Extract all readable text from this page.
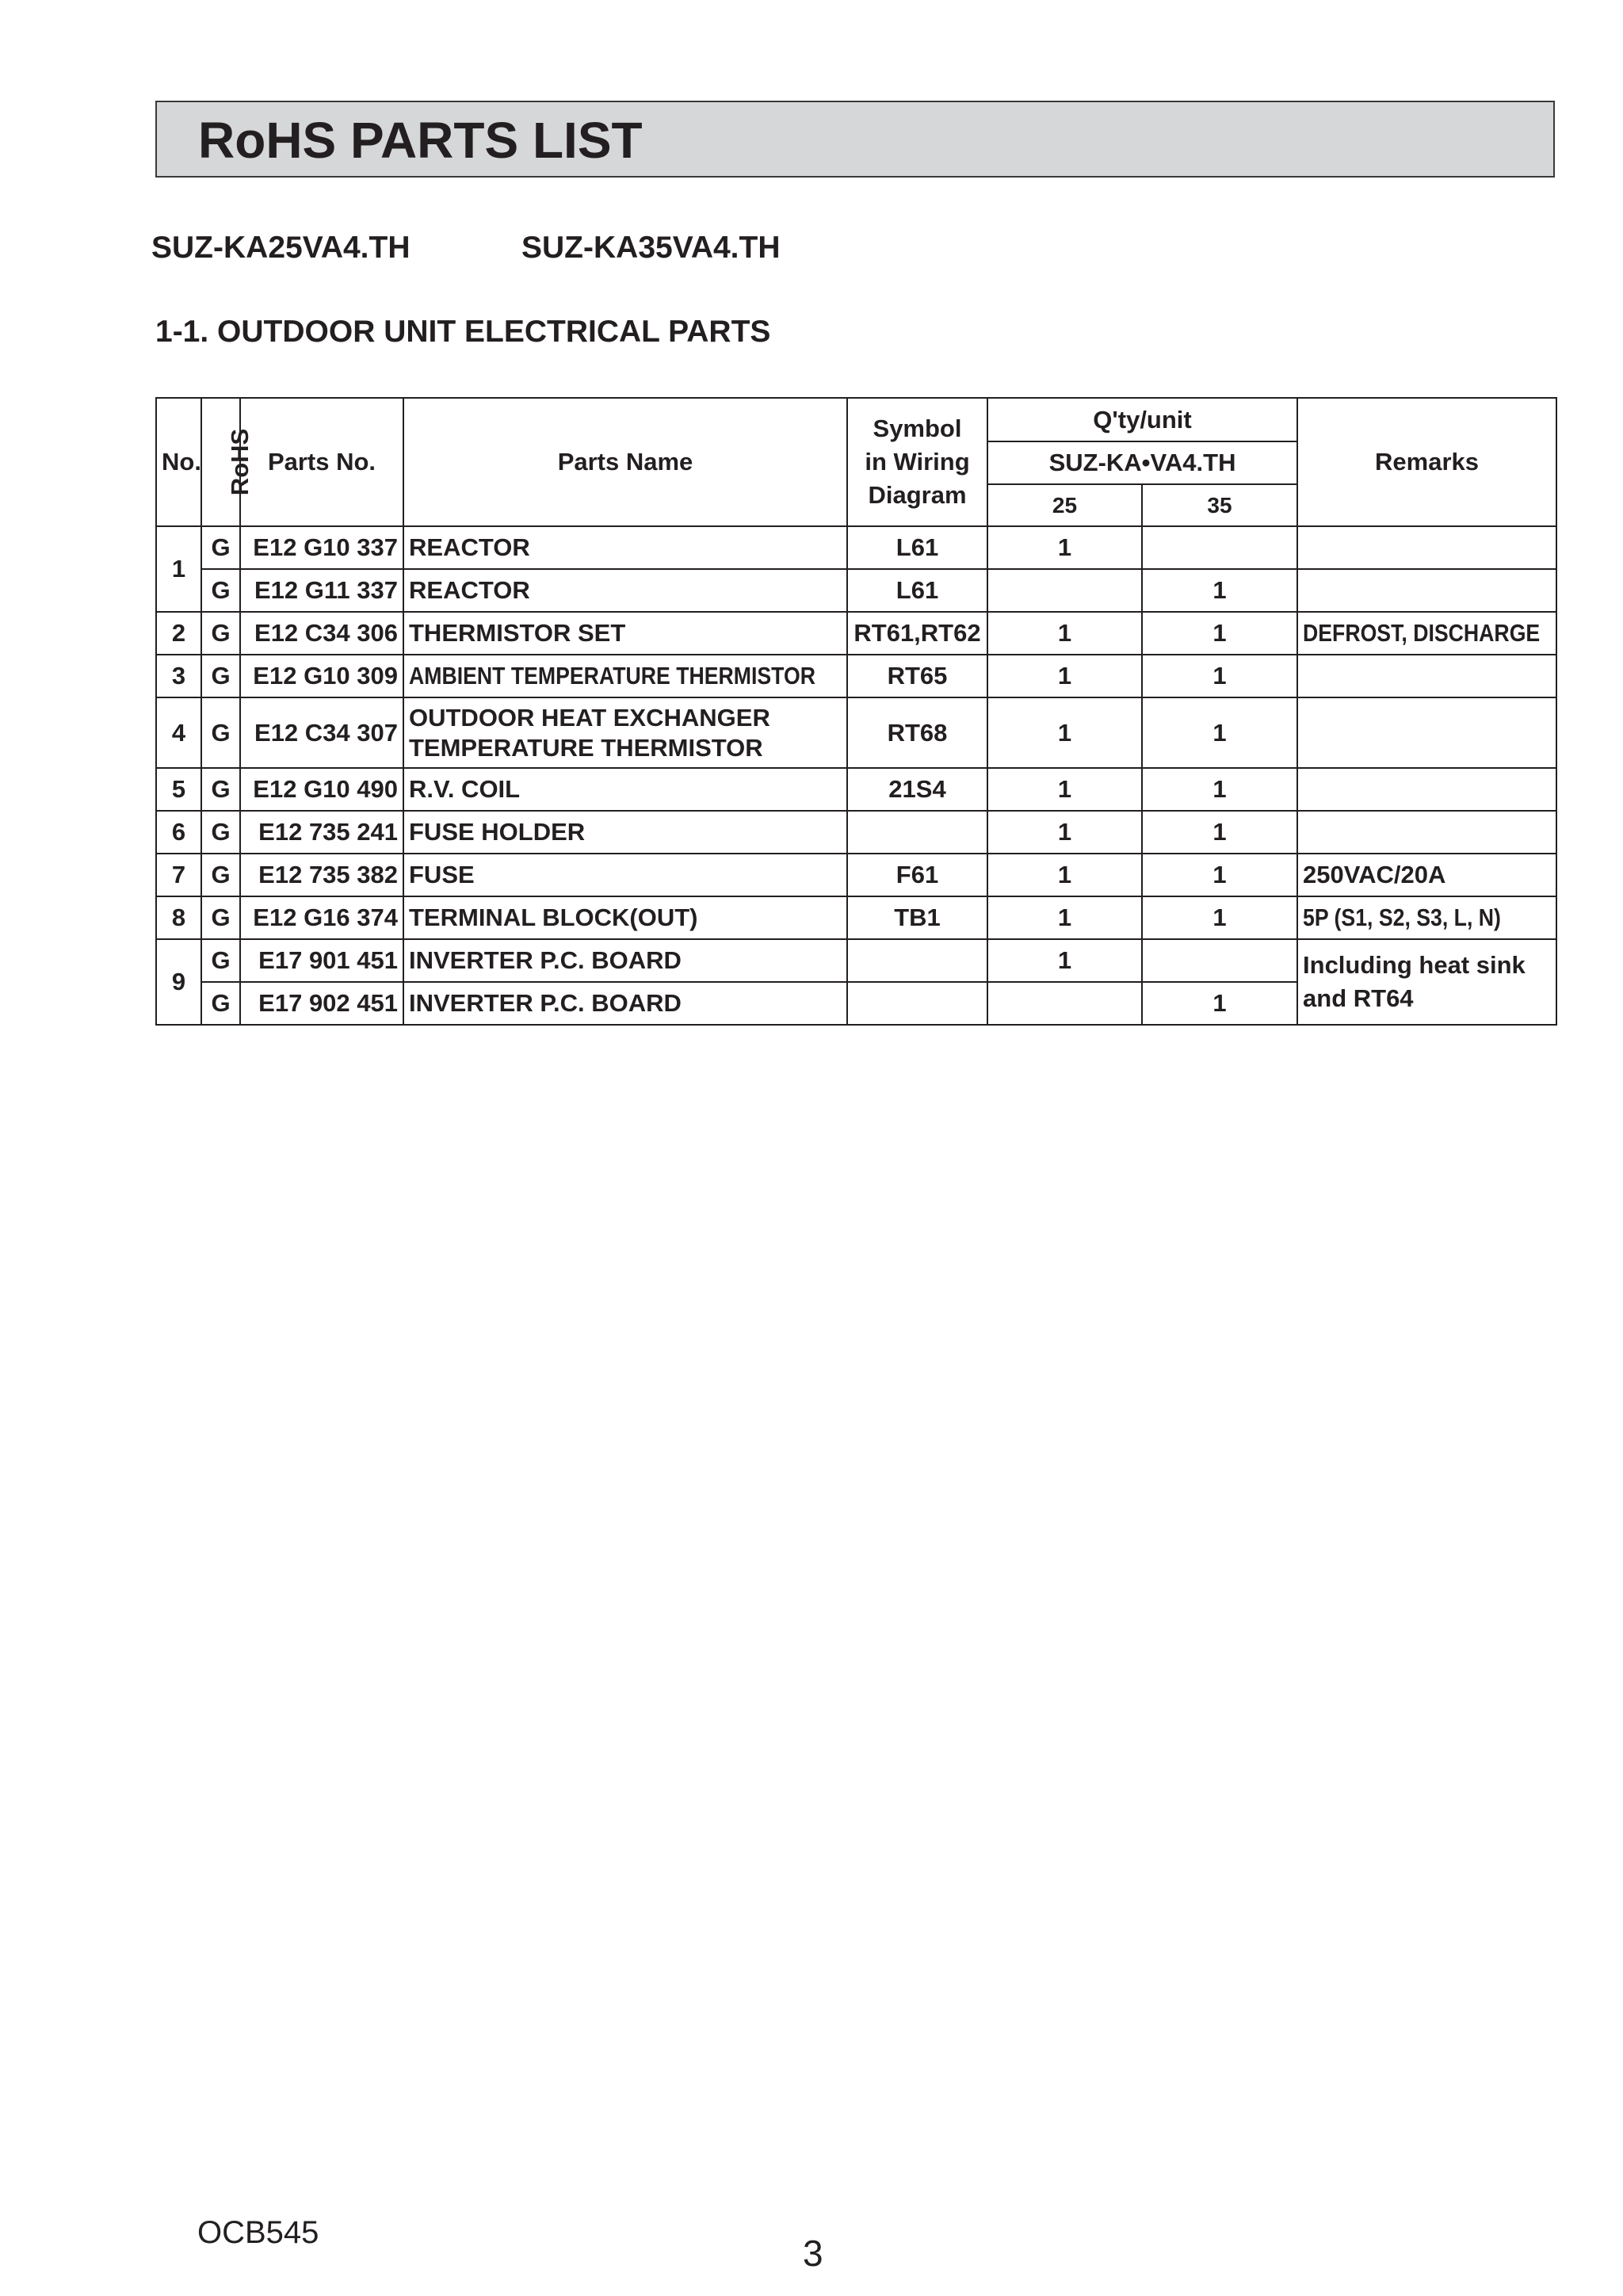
RoHS PARTS LIST
SUZ-KA25VA4.TH	SUZ-KA35VA4.TH
1-1. OUTDOOR UNIT ELECTRICAL PARTS
No.	RoHS	Parts No.	Parts Name	Symbol
in Wiring
Diagram	Q'ty/unit		Remarks
					SUZ-KA•VA4.TH		
					25	35	
1	G	E12 G10 337	REACTOR	L61	1		
	G	E12 G11 337	REACTOR	L61		1	
2	G	E12 C34 306	THERMISTOR SET	RT61,RT62	1	1	DEFROST, DISCHARGE
3	G	E12 G10 309	AMBIENT TEMPERATURE THERMISTOR	RT65	1	1	
4	G	E12 C34 307	OUTDOOR HEAT EXCHANGER
TEMPERATURE THERMISTOR	RT68	1	1	
5	G	E12 G10 490	R.V. COIL	21S4	1	1	
6	G	E12 735 241	FUSE HOLDER		1	1	
7	G	E12 735 382	FUSE	F61	1	1	250VAC/20A
8	G	E12 G16 374	TERMINAL BLOCK(OUT)	TB1	1	1	5P (S1, S2, S3, L, N)
9	G	E17 901 451	INVERTER P.C. BOARD		1		Including heat sink
and RT64

	G	E17 902 451	INVERTER P.C. BOARD			1	
OCB545	3
